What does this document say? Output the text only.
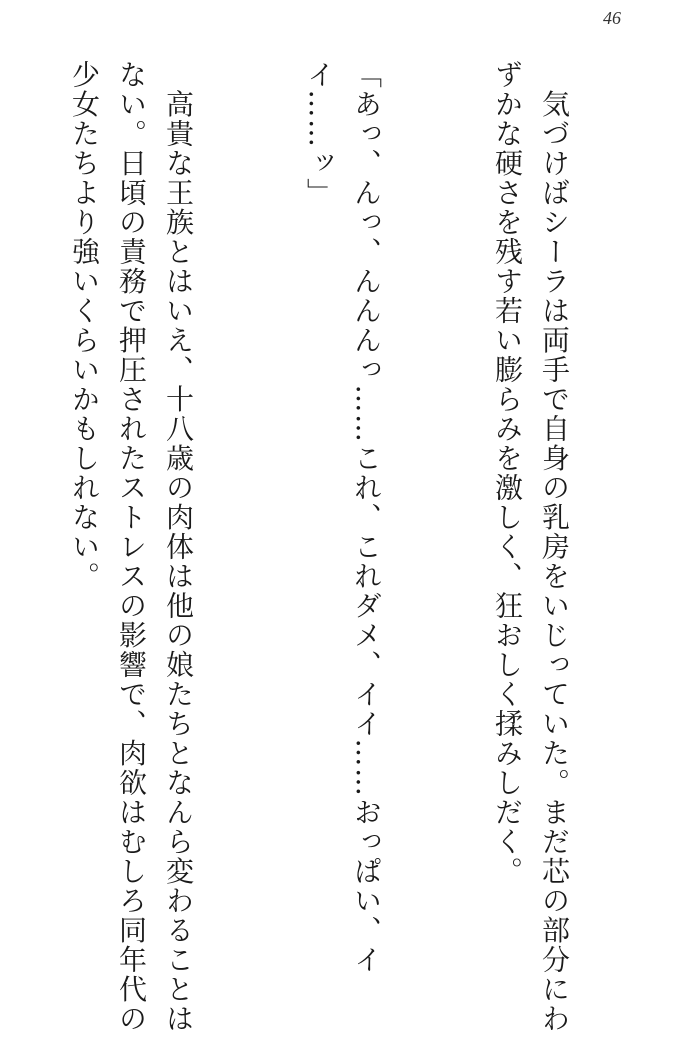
46

　気づけばシーラは両手で自身の乳房をいじっていた。まだ芯の部分にわずかな硬さを残す若い膨らみを激しく、狂おしく揉みしだく。

「あっ、んっ、んんんっ……これ、これダメ、イイ……おっぱい、イイ……ッ」

　高貴な王族とはいえ、十八歳の肉体は他の娘たちとなんら変わることはない。日頃の責務で押圧されたストレスの影響で、肉欲はむしろ同年代の少女たちより強いくらいかもしれない。
